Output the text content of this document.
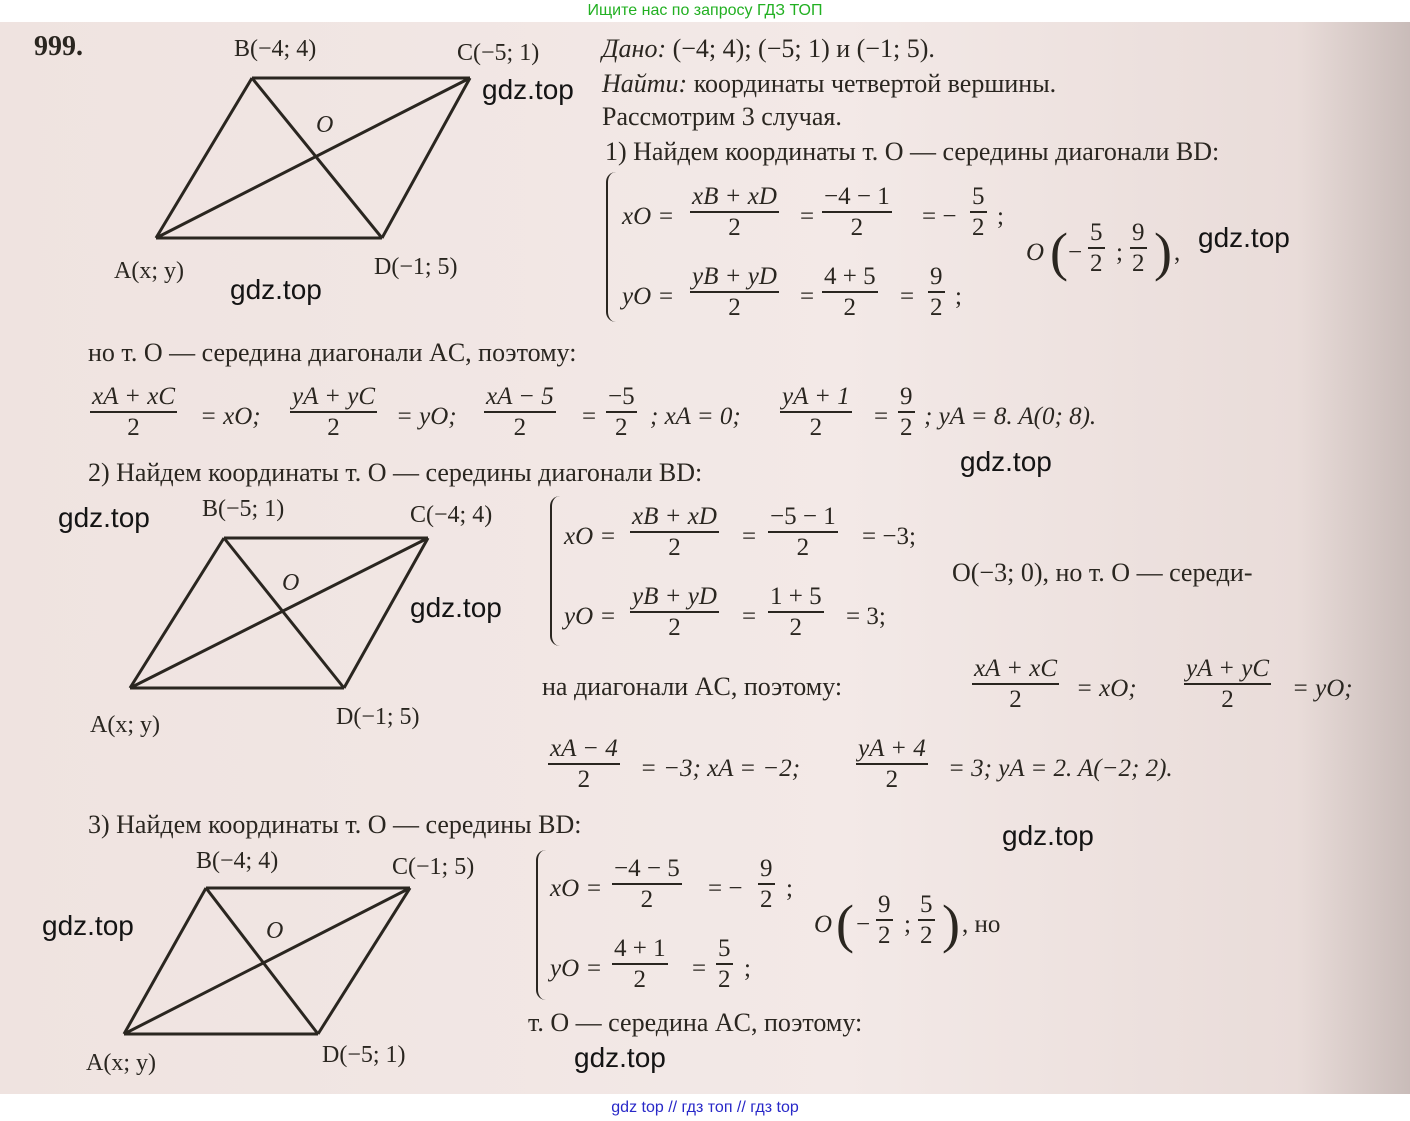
Ищите нас по запросу ГДЗ ТОП
999.	Дано: (−4; 4); (−5; 1) и (−1; 5).
Найти: координаты четвертой вершины.
Рассмотрим 3 случая.
B(−4; 4)	C(−5; 1)
O
A(x; y)	D(−1; 5)
1) Найдем координаты т. O — середины диагонали BD:
xO = $\frac{xB + xD}{2} = \frac{-4 - 1}{2}$ = − $\frac{5}{2}$ ;
yO = $\frac{yB + yD}{2} = \frac{4 + 5}{2} = \frac{9}{2}$ ;
O ( − $\frac{5}{2}$ ; $\frac{9}{2}$ ) ,
но т. O — середина диагонали AC, поэтому:
$\frac{xA + xC}{2}$ = xO; $\frac{yA + yC}{2}$ = yO; $\frac{xA - 5}{2} = \frac{-5}{2}$ ; xA = 0; $\frac{yA + 1}{2} = \frac{9}{2}$ ; yA = 8. A(0; 8).
2) Найдем координаты т. O — середины диагонали BD:
B(−5; 1)	C(−4; 4)
O
A(x; y)	D(−1; 5)
xO = $\frac{xB + xD}{2} = \frac{-5 - 1}{2} = -3$;
yO = $\frac{yB + yD}{2} = \frac{1 + 5}{2} = 3$;
O(−3; 0), но т. O — середи-
на диагонали AC, поэтому:	$\frac{xA + xC}{2}$ = xO; $\frac{yA + yC}{2}$ = yO;
$\frac{xA - 4}{2} = -3$; xA = −2; $\frac{yA + 4}{2} = 3$; yA = 2. A(−2; 2).
3) Найдем координаты т. O — середины BD:
B(−4; 4)	C(−1; 5)
O
A(x; y)	D(−5; 1)
xO = $\frac{-4 - 5}{2}$ = − $\frac{9}{2}$ ;
yO = $\frac{4 + 1}{2} = \frac{5}{2}$ ;
O ( − $\frac{9}{2}$ ; $\frac{5}{2}$ ) , но
т. O — середина AC, поэтому:
gdz.top
gdz.top
gdz.top
gdz.top
gdz.top
gdz.top
gdz.top
gdz.top
gdz.top
gdz top // гдз топ // гдз top
